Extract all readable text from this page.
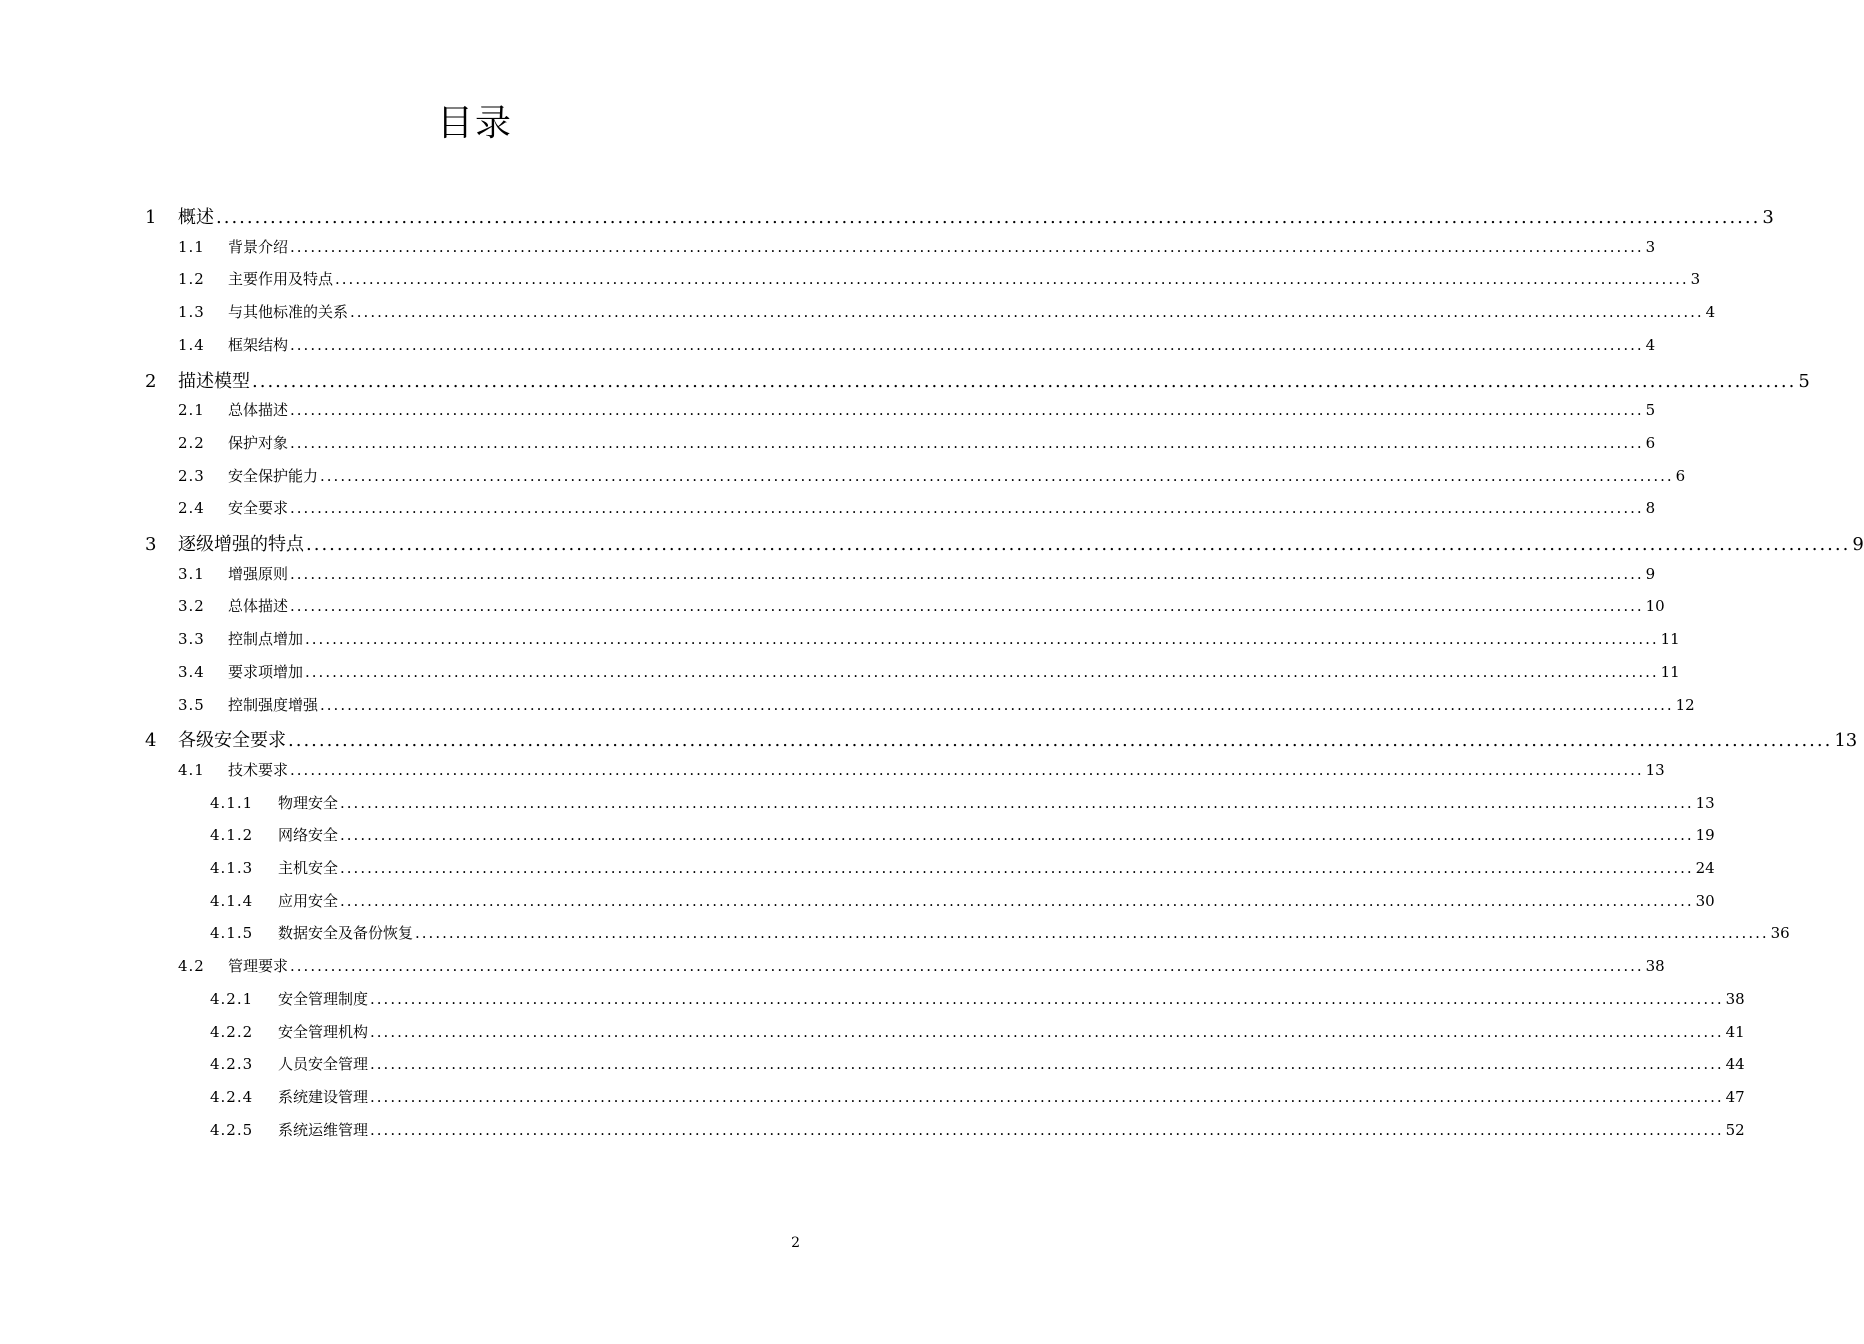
目录
1	概述 ........................................................................................................................................................................................................ 3
1.1	背景介绍 ........................................................................................................................................................................................................ 3
1.2	主要作用及特点 ........................................................................................................................................................................................................ 3
1.3	与其他标准的关系 ........................................................................................................................................................................................................ 4
1.4	框架结构 ........................................................................................................................................................................................................ 4
2	描述模型 ........................................................................................................................................................................................................ 5
2.1	总体描述 ........................................................................................................................................................................................................ 5
2.2	保护对象 ........................................................................................................................................................................................................ 6
2.3	安全保护能力 ........................................................................................................................................................................................................ 6
2.4	安全要求 ........................................................................................................................................................................................................ 8
3	逐级增强的特点 ........................................................................................................................................................................................................ 9
3.1	增强原则 ........................................................................................................................................................................................................ 9
3.2	总体描述 ........................................................................................................................................................................................................ 10
3.3	控制点增加 ........................................................................................................................................................................................................ 11
3.4	要求项增加 ........................................................................................................................................................................................................ 11
3.5	控制强度增强 ........................................................................................................................................................................................................ 12
4	各级安全要求 ........................................................................................................................................................................................................ 13
4.1	技术要求 ........................................................................................................................................................................................................ 13
4.1.1	物理安全 ........................................................................................................................................................................................................ 13
4.1.2	网络安全 ........................................................................................................................................................................................................ 19
4.1.3	主机安全 ........................................................................................................................................................................................................ 24
4.1.4	应用安全 ........................................................................................................................................................................................................ 30
4.1.5	数据安全及备份恢复 ........................................................................................................................................................................................................ 36
4.2	管理要求 ........................................................................................................................................................................................................ 38
4.2.1	安全管理制度 ........................................................................................................................................................................................................ 38
4.2.2	安全管理机构 ........................................................................................................................................................................................................ 41
4.2.3	人员安全管理 ........................................................................................................................................................................................................ 44
4.2.4	系统建设管理 ........................................................................................................................................................................................................ 47
4.2.5	系统运维管理 ........................................................................................................................................................................................................ 52
2
